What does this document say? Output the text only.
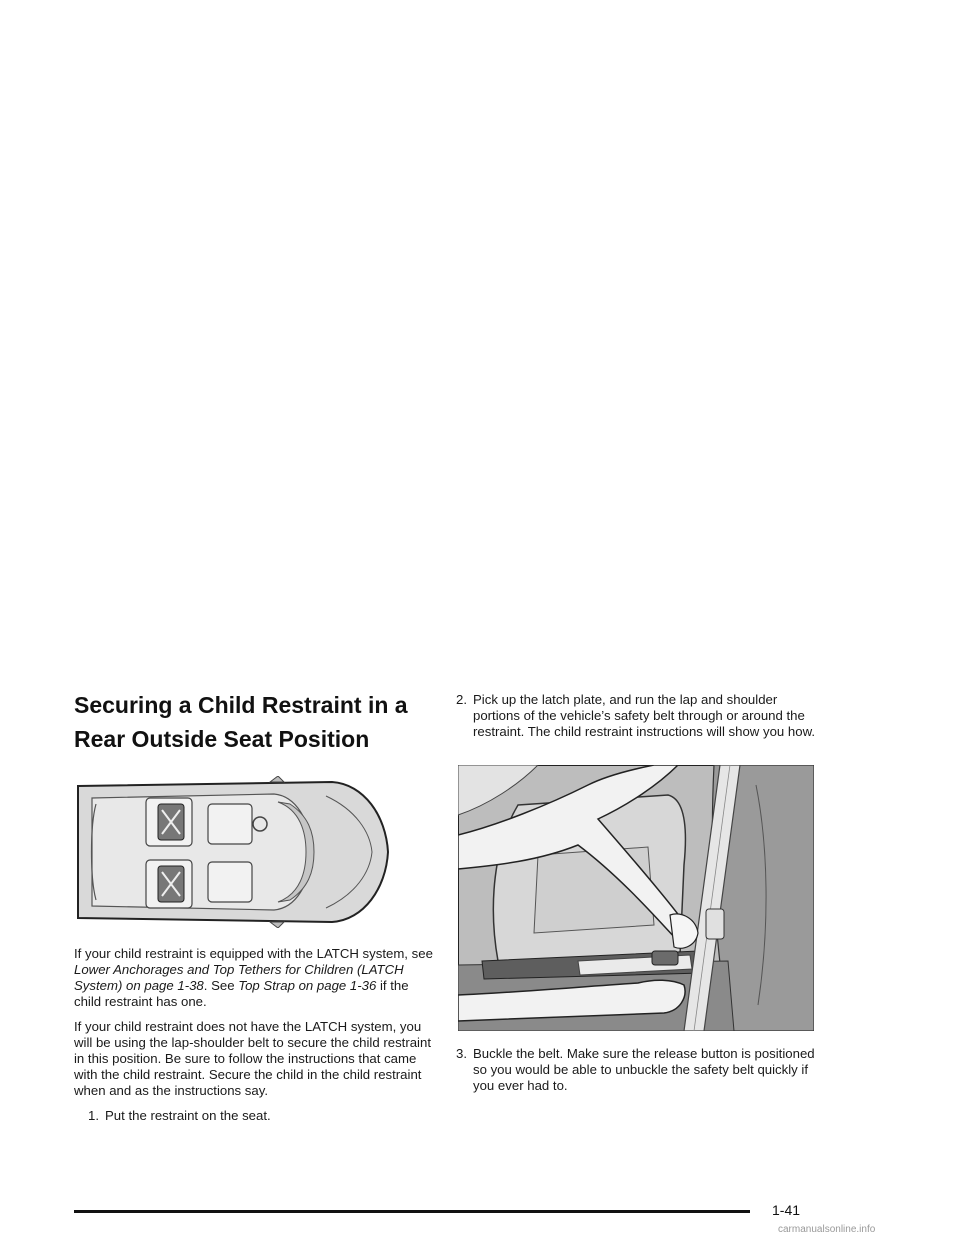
Securing a Child Restraint in a Rear Outside Seat Position

If your child restraint is equipped with the LATCH system, see Lower Anchorages and Top Tethers for Children (LATCH System) on page 1-38. See Top Strap on page 1-36 if the child restraint has one.

If your child restraint does not have the LATCH system, you will be using the lap-shoulder belt to secure the child restraint in this position. Be sure to follow the instructions that came with the child restraint. Secure the child in the child restraint when and as the instructions say.

1. Put the restraint on the seat.
2. Pick up the latch plate, and run the lap and shoulder portions of the vehicle’s safety belt through or around the restraint. The child restraint instructions will show you how.
3. Buckle the belt. Make sure the release button is positioned so you would be able to unbuckle the safety belt quickly if you ever had to.
1-41
carmanualsonline.info
